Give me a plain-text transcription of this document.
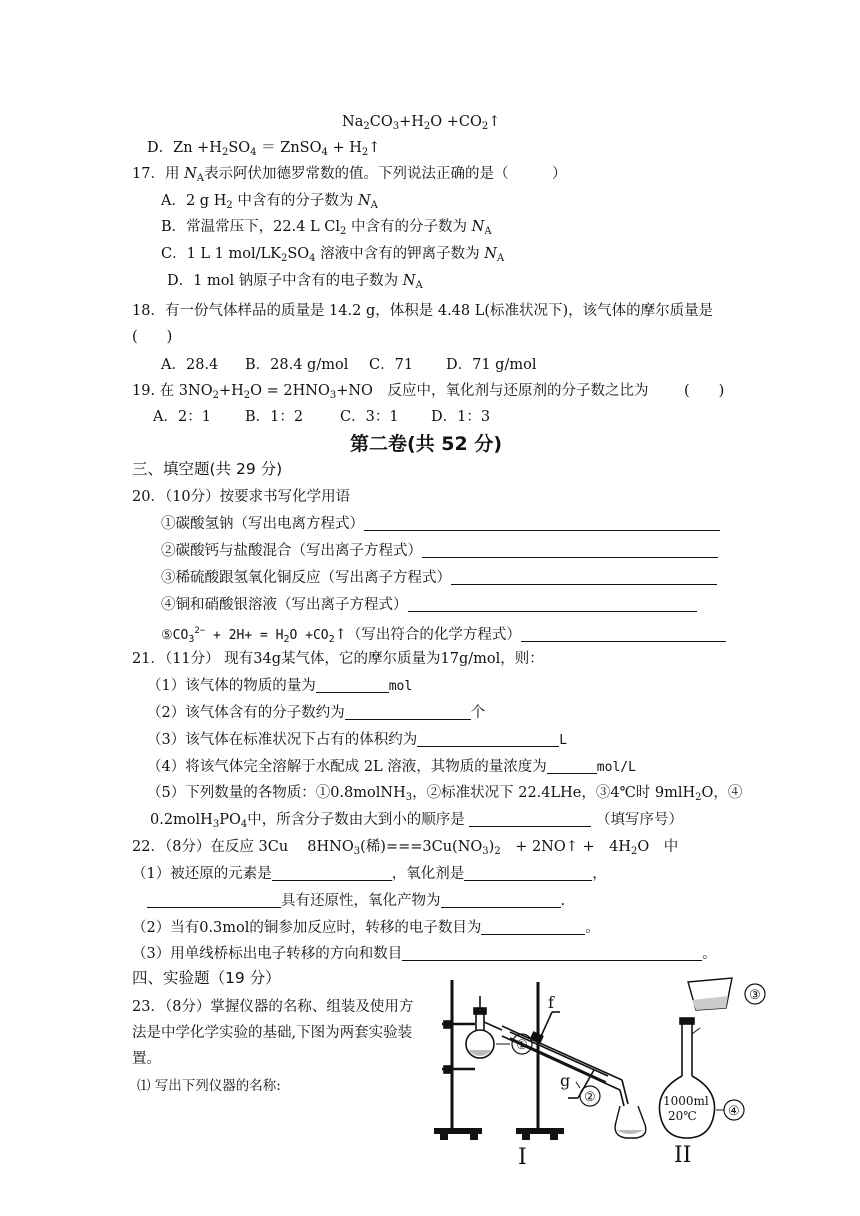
$Na_2CO_3+H_2O$ $+CO_2↑$
D．$Zn +H_2SO_4$ ＝ ZnSO$_4$ + $H_2↑$
17．用 $N_A$表示阿伏加德罗常数的值。下列说法正确的是（　　　）
A．2 g $H_2$ 中含有的分子数为 $N_A$
B．常温常压下，22.4 L $Cl_2$ 中含有的分子数为 $N_A$
C．1 L 1 mol/$LK_2SO_4$ 溶液中含有的钾离子数为 $N_A$
D．1 mol 钠原子中含有的电子数为 $N_A$
18．有一份气体样品的质量是 14.2 g，体积是 4.48 L(标准状况下)，该气体的摩尔质量是
(　　)
A．28.4 B．28.4 g/mol C．71 D．71 g/mol
19. 在 $3NO_2+H_2O = 2HNO_3+NO$　反应中，氧化剂与还原剂的分子数之比为 (　　)
A．2：1 B．1：2	C．3：1 D．1：3
第二卷(共 52 分)
三、填空题(共 29 分)
20．（10分）按要求书写化学用语
①碳酸氢钠（写出电离方程式）
②碳酸钙与盐酸混合（写出离子方程式）
③稀硫酸跟氢氧化铜反应（写出离子方程式）
④铜和硝酸银溶液（写出离子方程式）
$⑤CO_3^{2-} + 2H+ = H_2O$ $+CO_2↑$（写出符合的化学方程式）
21．（11分） 现有34g某气体，它的摩尔质量为17g/mol，则：
（1）该气体的物质的量为	mol
（2）该气体含有的分子数约为	个
（3）该气体在标准状况下占有的体积约为	L
（4）将该气体完全溶解于水配成 2L 溶液，其物质的量浓度为	mol/L
（5）下列数量的各物质：①0.8molNH$_3$，②标准状况下 22.4LHe，③4℃时 9mlH$_2$O，④
$0.2molH_3PO_4$中，所含分子数由大到小的顺序是	（填写序号）
22．（8分）在反应 3Cu　 $8HNO_3$(稀)$===3Cu(NO_3)_2$　+ 2NO↑ +　$4H_2O$　中
（1）被还原的元素是	，氧化剂是	，
具有还原性，氧化产物为	.
（2）当有0.3mol的铜参加反应时，转移的电子数目为	。
（3）用单线桥标出电子转移的方向和数目	。
四、实验题（19 分）
23．（8分）掌握仪器的名称、组装及使用方
法是中学化学实验的基础,下图为两套实验装
置。
⑴ 写出下列仪器的名称:
①
②
f
g
I
③
1000ml
20℃ ④
II
